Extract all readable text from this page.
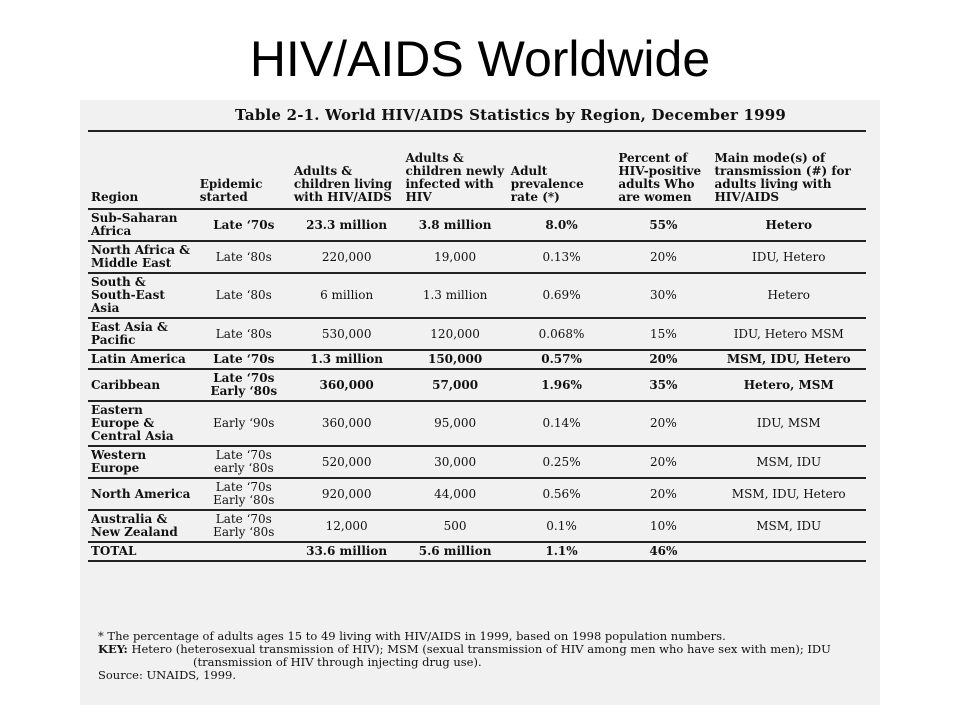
HIV/AIDS Worldwide
Table 2-1. World HIV/AIDS Statistics by Region, December 1999
Region	Epidemic started	Adults & children living with HIV/AIDS	Adults & children newly infected with HIV	Adult prevalence rate (*)	Percent of HIV-positive adults Who are women	Main mode(s) of transmission (#) for adults living with HIV/AIDS
Sub-Saharan Africa	Late ‘70s	23.3 million	3.8 million	8.0%	55%	Hetero
North Africa & Middle East	Late ‘80s	220,000	19,000	0.13%	20%	IDU, Hetero
South & South-East Asia	Late ‘80s	6 million	1.3 million	0.69%	30%	Hetero
East Asia & Pacific	Late ‘80s	530,000	120,000	0.068%	15%	IDU, Hetero MSM
Latin America	Late ‘70s	1.3 million	150,000	0.57%	20%	MSM, IDU, Hetero
Caribbean	Late ‘70s Early ‘80s	360,000	57,000	1.96%	35%	Hetero, MSM
Eastern Europe & Central Asia	Early ‘90s	360,000	95,000	0.14%	20%	IDU, MSM
Western Europe	Late ‘70s early ‘80s	520,000	30,000	0.25%	20%	MSM, IDU
North America	Late ‘70s Early ‘80s	920,000	44,000	0.56%	20%	MSM, IDU, Hetero
Australia & New Zealand	Late ‘70s Early ‘80s	12,000	500	0.1%	10%	MSM, IDU
TOTAL		33.6 million	5.6 million	1.1%	46%	
* The percentage of adults ages 15 to 49 living with HIV/AIDS in 1999, based on 1998 population numbers.
KEY: Hetero (heterosexual transmission of HIV); MSM (sexual transmission of HIV among men who have sex with men); IDU
(transmission of HIV through injecting drug use).
Source: UNAIDS, 1999.
